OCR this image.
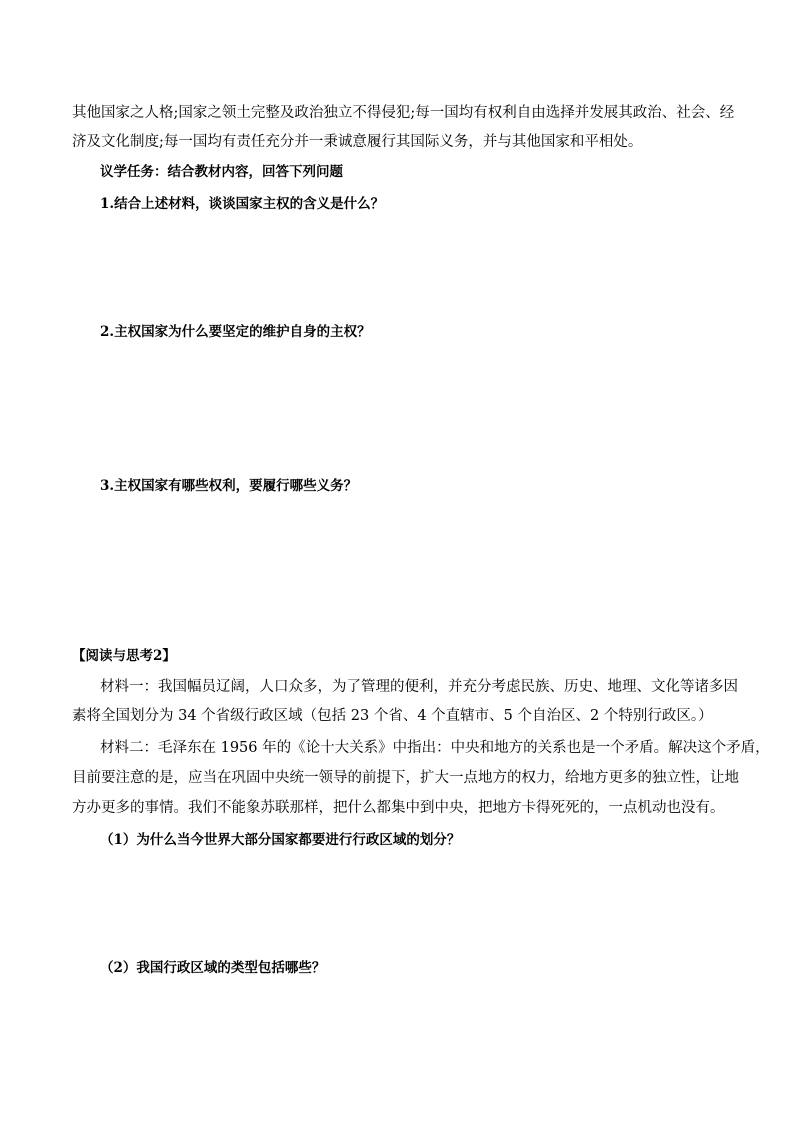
其他国家之人格;国家之领土完整及政治独立不得侵犯;每一国均有权利自由选择并发展其政治、社会、经
济及文化制度;每一国均有责任充分并一秉诚意履行其国际义务，并与其他国家和平相处。
议学任务：结合教材内容，回答下列问题
1.结合上述材料，谈谈国家主权的含义是什么？
2.主权国家为什么要坚定的维护自身的主权？
3.主权国家有哪些权利，要履行哪些义务？
【阅读与思考2】
材料一：我国幅员辽阔，人口众多，为了管理的便利，并充分考虑民族、历史、地理、文化等诸多因
素将全国划分为 34 个省级行政区域（包括 23 个省、4 个直辖市、5 个自治区、2 个特别行政区。）
材料二：毛泽东在 1956 年的《论十大关系》中指出：中央和地方的关系也是一个矛盾。解决这个矛盾，
目前要注意的是，应当在巩固中央统一领导的前提下，扩大一点地方的权力，给地方更多的独立性，让地
方办更多的事情。我们不能象苏联那样，把什么都集中到中央，把地方卡得死死的，一点机动也没有。
（1）为什么当今世界大部分国家都要进行行政区域的划分？
（2）我国行政区域的类型包括哪些？
